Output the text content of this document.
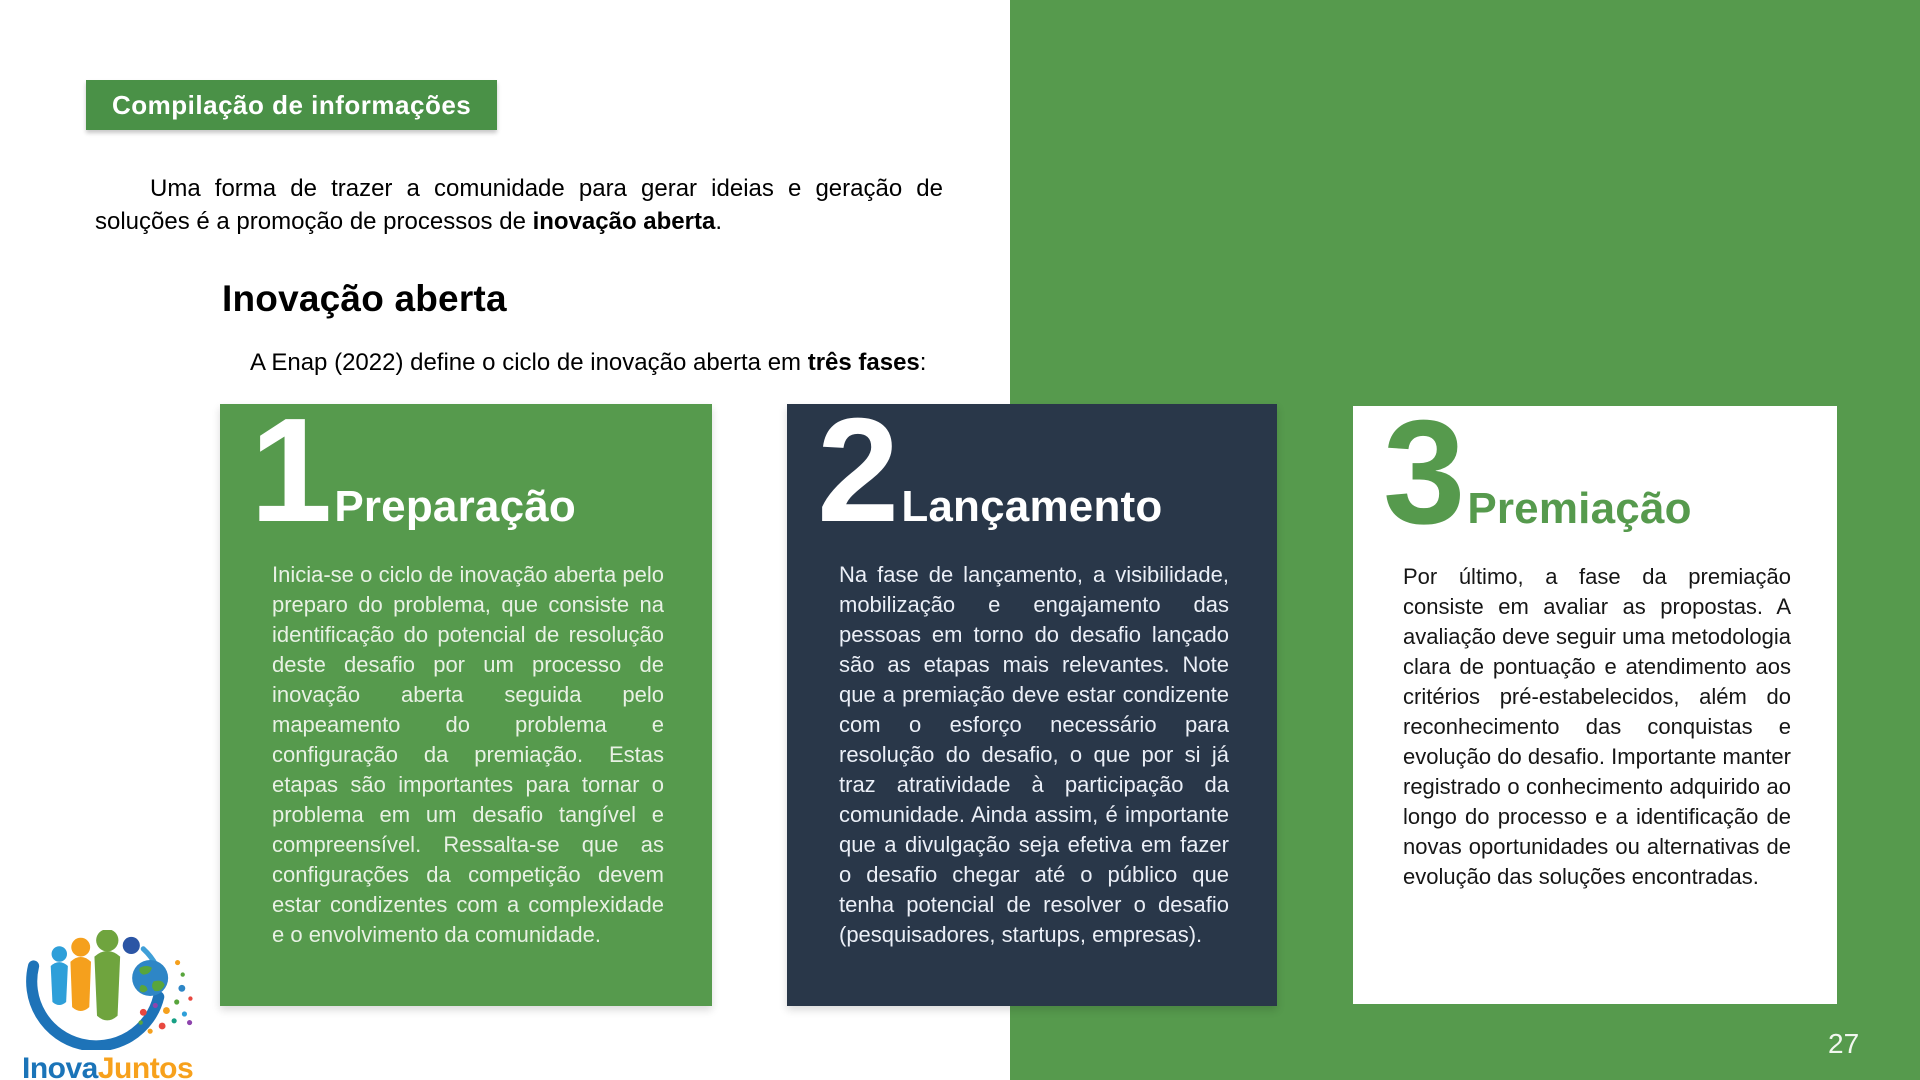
Compilação de informações

Uma forma de trazer a comunidade para gerar ideias e geração de soluções é a promoção de processos de inovação aberta.

Inovação aberta

A Enap (2022) define o ciclo de inovação aberta em três fases:

1 Preparação

Inicia-se o ciclo de inovação aberta pelo preparo do problema, que consiste na identificação do potencial de resolução deste desafio por um processo de inovação aberta seguida pelo mapeamento do problema e configuração da premiação. Estas etapas são importantes para tornar o problema em um desafio tangível e compreensível. Ressalta-se que as configurações da competição devem estar condizentes com a complexidade e o envolvimento da comunidade.

2 Lançamento

Na fase de lançamento, a visibilidade, mobilização e engajamento das pessoas em torno do desafio lançado são as etapas mais relevantes. Note que a premiação deve estar condizente com o esforço necessário para resolução do desafio, o que por si já traz atratividade à participação da comunidade. Ainda assim, é importante que a divulgação seja efetiva em fazer o desafio chegar até o público que tenha potencial de resolver o desafio (pesquisadores, startups, empresas).

3 Premiação

Por último, a fase da premiação consiste em avaliar as propostas. A avaliação deve seguir uma metodologia clara de pontuação e atendimento aos critérios pré-estabelecidos, além do reconhecimento das conquistas e evolução do desafio. Importante manter registrado o conhecimento adquirido ao longo do processo e a identificação de novas oportunidades ou alternativas de evolução das soluções encontradas.

InovaJuntos
27
